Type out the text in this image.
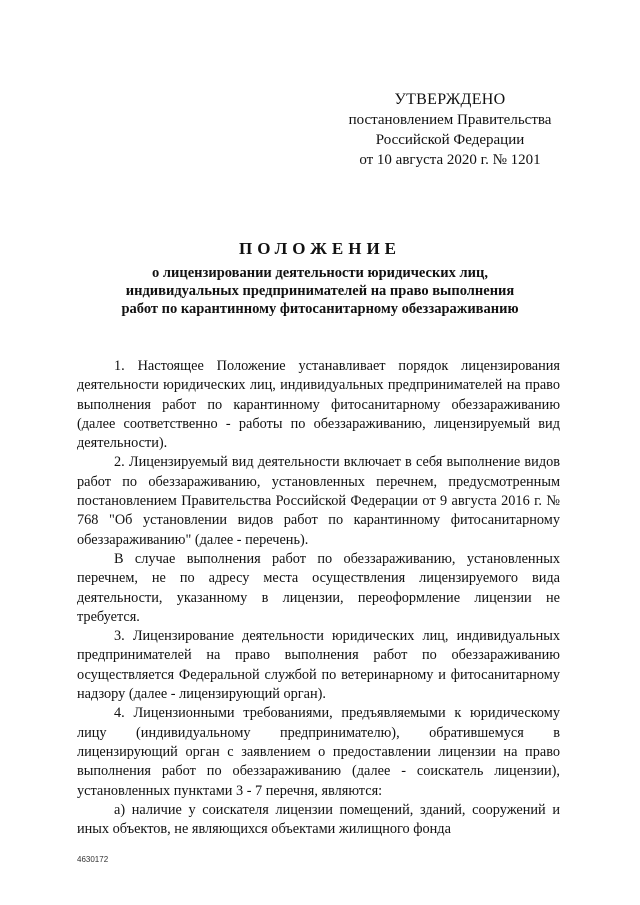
УТВЕРЖДЕНО
постановлением Правительства
Российской Федерации
от 10 августа 2020 г. № 1201
ПОЛОЖЕНИЕ
о лицензировании деятельности юридических лиц,
индивидуальных предпринимателей на право выполнения
работ по карантинному фитосанитарному обеззараживанию

1. Настоящее Положение устанавливает порядок лицензирования деятельности юридических лиц, индивидуальных предпринимателей на право выполнения работ по карантинному фитосанитарному обеззараживанию (далее соответственно - работы по обеззараживанию, лицензируемый вид деятельности).

2. Лицензируемый вид деятельности включает в себя выполнение видов работ по обеззараживанию, установленных перечнем, предусмотренным постановлением Правительства Российской Федерации от 9 августа 2016 г. № 768 "Об установлении видов работ по карантинному фитосанитарному обеззараживанию" (далее - перечень).

В случае выполнения работ по обеззараживанию, установленных перечнем, не по адресу места осуществления лицензируемого вида деятельности, указанному в лицензии, переоформление лицензии не требуется.

3. Лицензирование деятельности юридических лиц, индивидуальных предпринимателей на право выполнения работ по обеззараживанию осуществляется Федеральной службой по ветеринарному и фитосанитарному надзору (далее - лицензирующий орган).

4. Лицензионными требованиями, предъявляемыми к юридическому лицу (индивидуальному предпринимателю), обратившемуся в лицензирующий орган с заявлением о предоставлении лицензии на право выполнения работ по обеззараживанию (далее - соискатель лицензии), установленных пунктами 3 - 7 перечня, являются:

а) наличие у соискателя лицензии помещений, зданий, сооружений и иных объектов, не являющихся объектами жилищного фонда

4630172
